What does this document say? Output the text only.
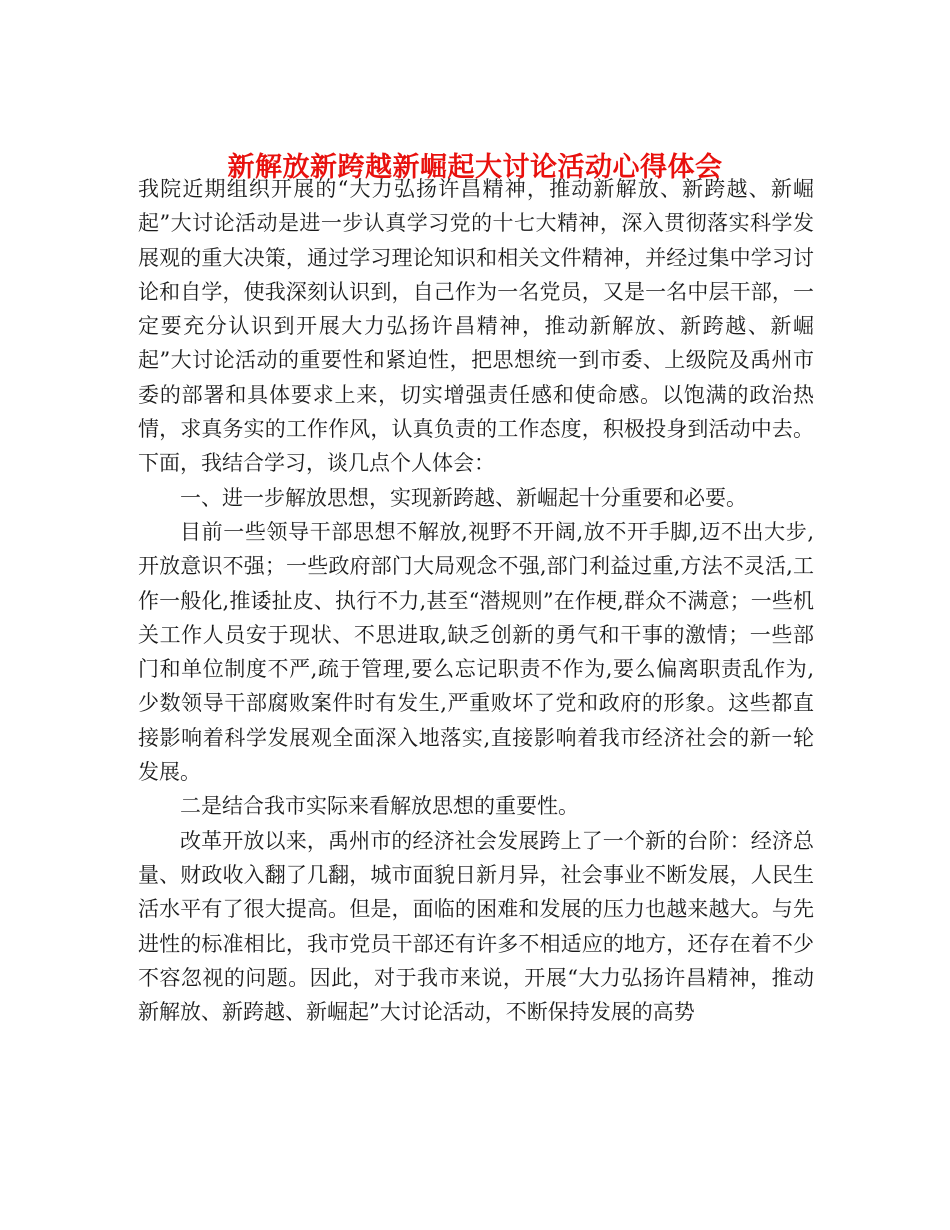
新解放新跨越新崛起大讨论活动心得体会

我院近期组织开展的“大力弘扬许昌精神，推动新解放、新跨越、新崛起”大讨论活动是进一步认真学习党的十七大精神，深入贯彻落实科学发展观的重大决策，通过学习理论知识和相关文件精神，并经过集中学习讨论和自学，使我深刻认识到，自己作为一名党员，又是一名中层干部，一定要充分认识到开展大力弘扬许昌精神，推动新解放、新跨越、新崛起”大讨论活动的重要性和紧迫性，把思想统一到市委、上级院及禹州市委的部署和具体要求上来，切实增强责任感和使命感。以饱满的政治热情，求真务实的工作作风，认真负责的工作态度，积极投身到活动中去。下面，我结合学习，谈几点个人体会：

一、进一步解放思想，实现新跨越、新崛起十分重要和必要。

目前一些领导干部思想不解放,视野不开阔,放不开手脚,迈不出大步,开放意识不强；一些政府部门大局观念不强,部门利益过重,方法不灵活,工作一般化,推诿扯皮、执行不力,甚至“潜规则”在作梗,群众不满意；一些机关工作人员安于现状、不思进取,缺乏创新的勇气和干事的激情；一些部门和单位制度不严,疏于管理,要么忘记职责不作为,要么偏离职责乱作为,少数领导干部腐败案件时有发生,严重败坏了党和政府的形象。这些都直接影响着科学发展观全面深入地落实,直接影响着我市经济社会的新一轮发展。

二是结合我市实际来看解放思想的重要性。

改革开放以来，禹州市的经济社会发展跨上了一个新的台阶：经济总量、财政收入翻了几翻，城市面貌日新月异，社会事业不断发展，人民生活水平有了很大提高。但是，面临的困难和发展的压力也越来越大。与先进性的标准相比，我市党员干部还有许多不相适应的地方，还存在着不少不容忽视的问题。因此，对于我市来说，开展“大力弘扬许昌精神，推动新解放、新跨越、新崛起”大讨论活动，不断保持发展的高势
